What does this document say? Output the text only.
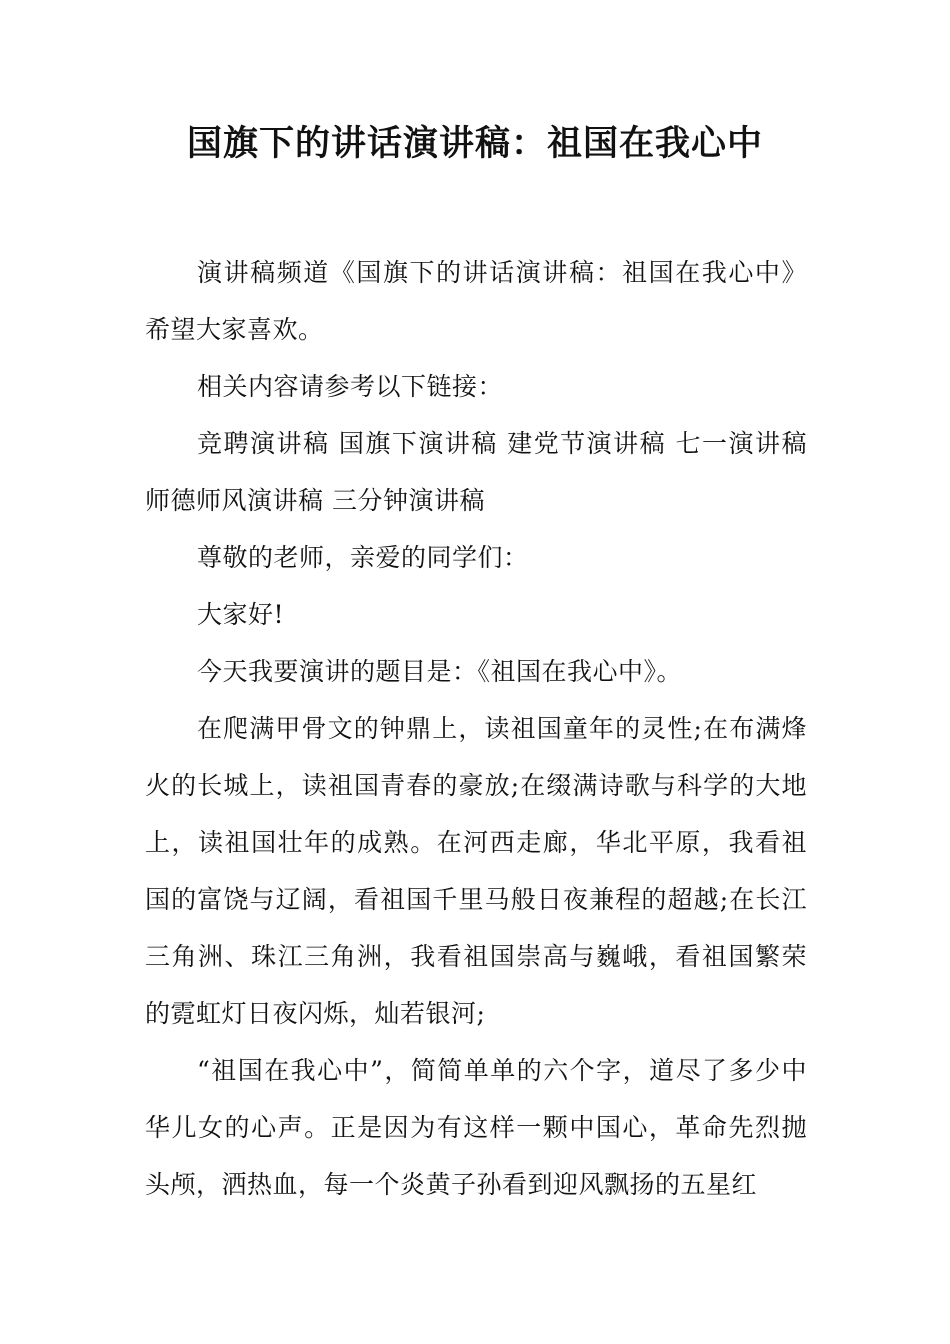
国旗下的讲话演讲稿：祖国在我心中

演讲稿频道《国旗下的讲话演讲稿：祖国在我心中》希望大家喜欢。

相关内容请参考以下链接：

竞聘演讲稿 国旗下演讲稿 建党节演讲稿 七一演讲稿 师德师风演讲稿 三分钟演讲稿

尊敬的老师，亲爱的同学们：

大家好!

今天我要演讲的题目是：《祖国在我心中》。

在爬满甲骨文的钟鼎上，读祖国童年的灵性;在布满烽火的长城上，读祖国青春的豪放;在缀满诗歌与科学的大地上，读祖国壮年的成熟。在河西走廊，华北平原，我看祖国的富饶与辽阔，看祖国千里马般日夜兼程的超越;在长江三角洲、珠江三角洲，我看祖国崇高与巍峨，看祖国繁荣的霓虹灯日夜闪烁，灿若银河;

“祖国在我心中”，简简单单的六个字，道尽了多少中华儿女的心声。正是因为有这样一颗中国心，革命先烈抛头颅，洒热血，每一个炎黄子孙看到迎风飘扬的五星红
